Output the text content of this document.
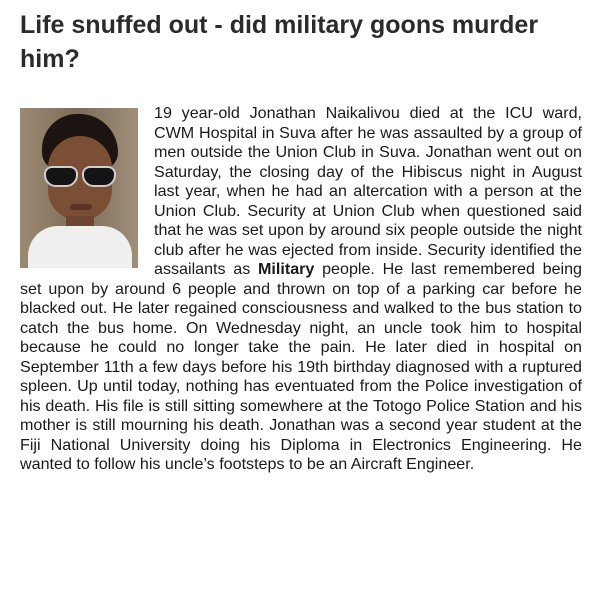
Life snuffed out - did military goons murder him?

19 year-old Jonathan Naikalivou died at the ICU ward, CWM Hospital in Suva after he was assaulted by a group of men outside the Union Club in Suva. Jonathan went out on Saturday, the closing day of the Hibiscus night in August last year, when he had an altercation with a person at the Union Club. Security at Union Club when questioned said that he was set upon by around six people outside the night club after he was ejected from inside. Security identified the assailants as Military people. He last remembered being set upon by around 6 people and thrown on top of a parking car before he blacked out. He later regained consciousness and walked to the bus station to catch the bus home. On Wednesday night, an uncle took him to hospital because he could no longer take the pain. He later died in hospital on September 11th a few days before his 19th birthday diagnosed with a ruptured spleen. Up until today, nothing has eventuated from the Police investigation of his death. His file is still sitting somewhere at the Totogo Police Station and his mother is still mourning his death. Jonathan was a second year student at the Fiji National University doing his Diploma in Electronics Engineering. He wanted to follow his uncle’s footsteps to be an Aircraft Engineer.
